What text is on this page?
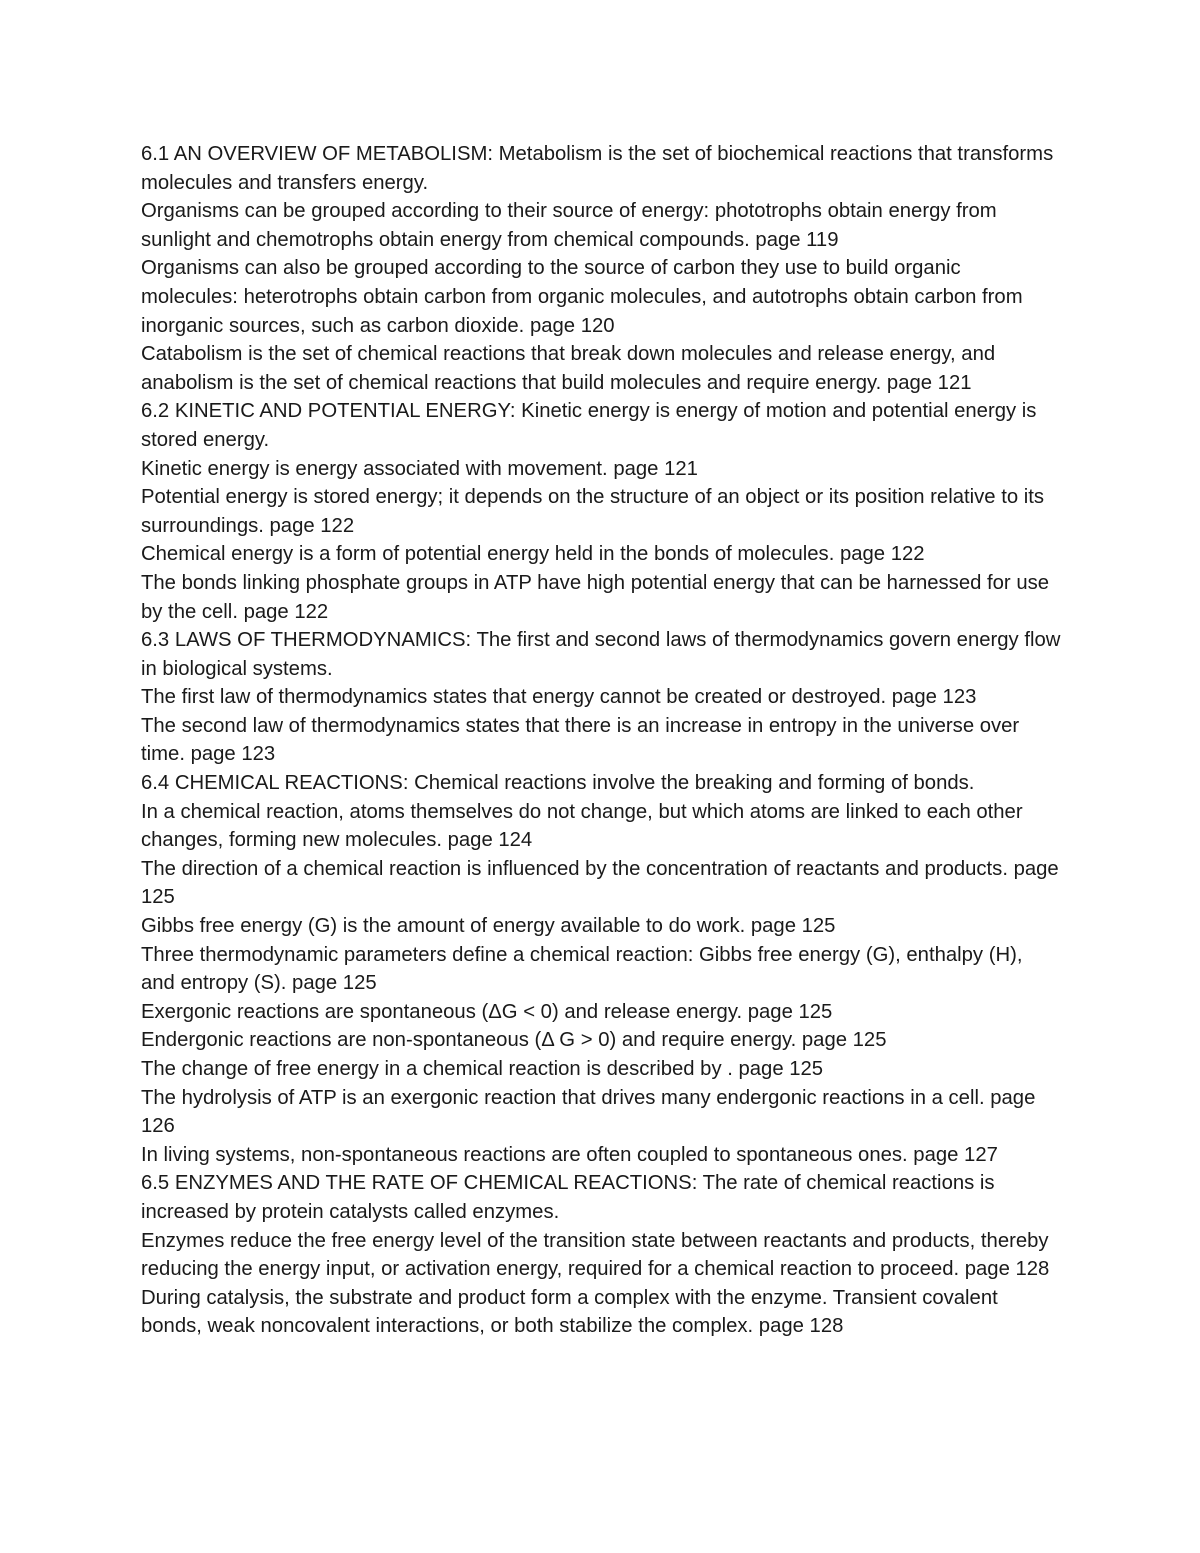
6.1 AN OVERVIEW OF METABOLISM: Metabolism is the set of biochemical reactions that transforms molecules and transfers energy.

Organisms can be grouped according to their source of energy: phototrophs obtain energy from sunlight and chemotrophs obtain energy from chemical compounds. page 119

Organisms can also be grouped according to the source of carbon they use to build organic molecules: heterotrophs obtain carbon from organic molecules, and autotrophs obtain carbon from inorganic sources, such as carbon dioxide. page 120

Catabolism is the set of chemical reactions that break down molecules and release energy, and anabolism is the set of chemical reactions that build molecules and require energy. page 121

6.2 KINETIC AND POTENTIAL ENERGY: Kinetic energy is energy of motion and potential energy is stored energy.

Kinetic energy is energy associated with movement. page 121

Potential energy is stored energy; it depends on the structure of an object or its position relative to its surroundings. page 122

Chemical energy is a form of potential energy held in the bonds of molecules. page 122

The bonds linking phosphate groups in ATP have high potential energy that can be harnessed for use by the cell. page 122

6.3 LAWS OF THERMODYNAMICS: The first and second laws of thermodynamics govern energy flow in biological systems.

The first law of thermodynamics states that energy cannot be created or destroyed. page 123

The second law of thermodynamics states that there is an increase in entropy in the universe over time. page 123

6.4 CHEMICAL REACTIONS: Chemical reactions involve the breaking and forming of bonds.

In a chemical reaction, atoms themselves do not change, but which atoms are linked to each other changes, forming new molecules. page 124

The direction of a chemical reaction is influenced by the concentration of reactants and products. page 125

Gibbs free energy (G) is the amount of energy available to do work. page 125

Three thermodynamic parameters define a chemical reaction: Gibbs free energy (G), enthalpy (H), and entropy (S). page 125

Exergonic reactions are spontaneous (ΔG < 0) and release energy. page 125

Endergonic reactions are non-spontaneous (Δ G > 0) and require energy. page 125

The change of free energy in a chemical reaction is described by . page 125

The hydrolysis of ATP is an exergonic reaction that drives many endergonic reactions in a cell. page 126

In living systems, non-spontaneous reactions are often coupled to spontaneous ones. page 127

6.5 ENZYMES AND THE RATE OF CHEMICAL REACTIONS: The rate of chemical reactions is increased by protein catalysts called enzymes.

Enzymes reduce the free energy level of the transition state between reactants and products, thereby reducing the energy input, or activation energy, required for a chemical reaction to proceed. page 128

During catalysis, the substrate and product form a complex with the enzyme. Transient covalent bonds, weak noncovalent interactions, or both stabilize the complex. page 128
